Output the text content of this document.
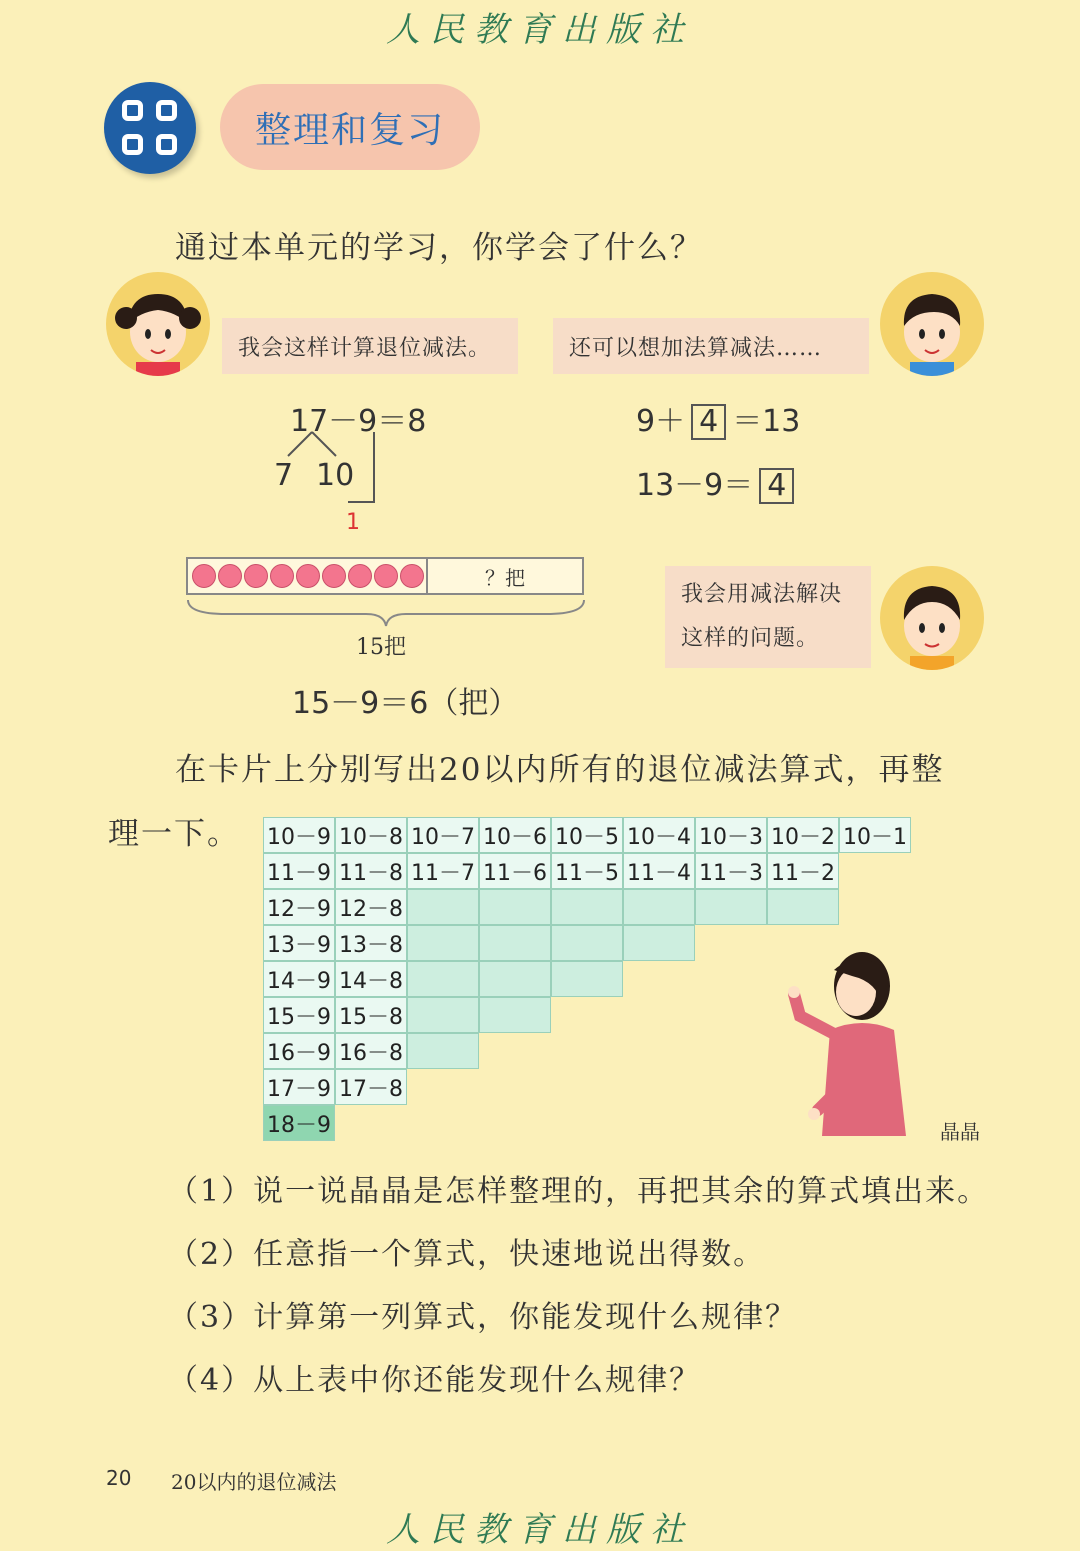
人民教育出版社
整理和复习
通过本单元的学习，你学会了什么？
我会这样计算退位减法。	还可以想加法算减法……
17－9＝8
7 10
1
9＋ 4 ＝13
13－9＝ 4
？把
15把
15－9＝6（把）
我会用减法解决
这样的问题。
在卡片上分别写出20以内所有的退位减法算式，再整
理一下。 10－9 10－8 10－7 10－6 10－5 10－4 10－3 10－2 10－1
11－9 11－8 11－7 11－6 11－5 11－4 11－3 11－2
12－9 12－8
13－9 13－8
14－9 14－8
15－9 15－8
16－9 16－8
17－9 17－8
18－9	晶晶
（1）说一说晶晶是怎样整理的，再把其余的算式填出来。
（2）任意指一个算式，快速地说出得数。
（3）计算第一列算式，你能发现什么规律？
（4）从上表中你还能发现什么规律？
20 20以内的退位减法
人民教育出版社
